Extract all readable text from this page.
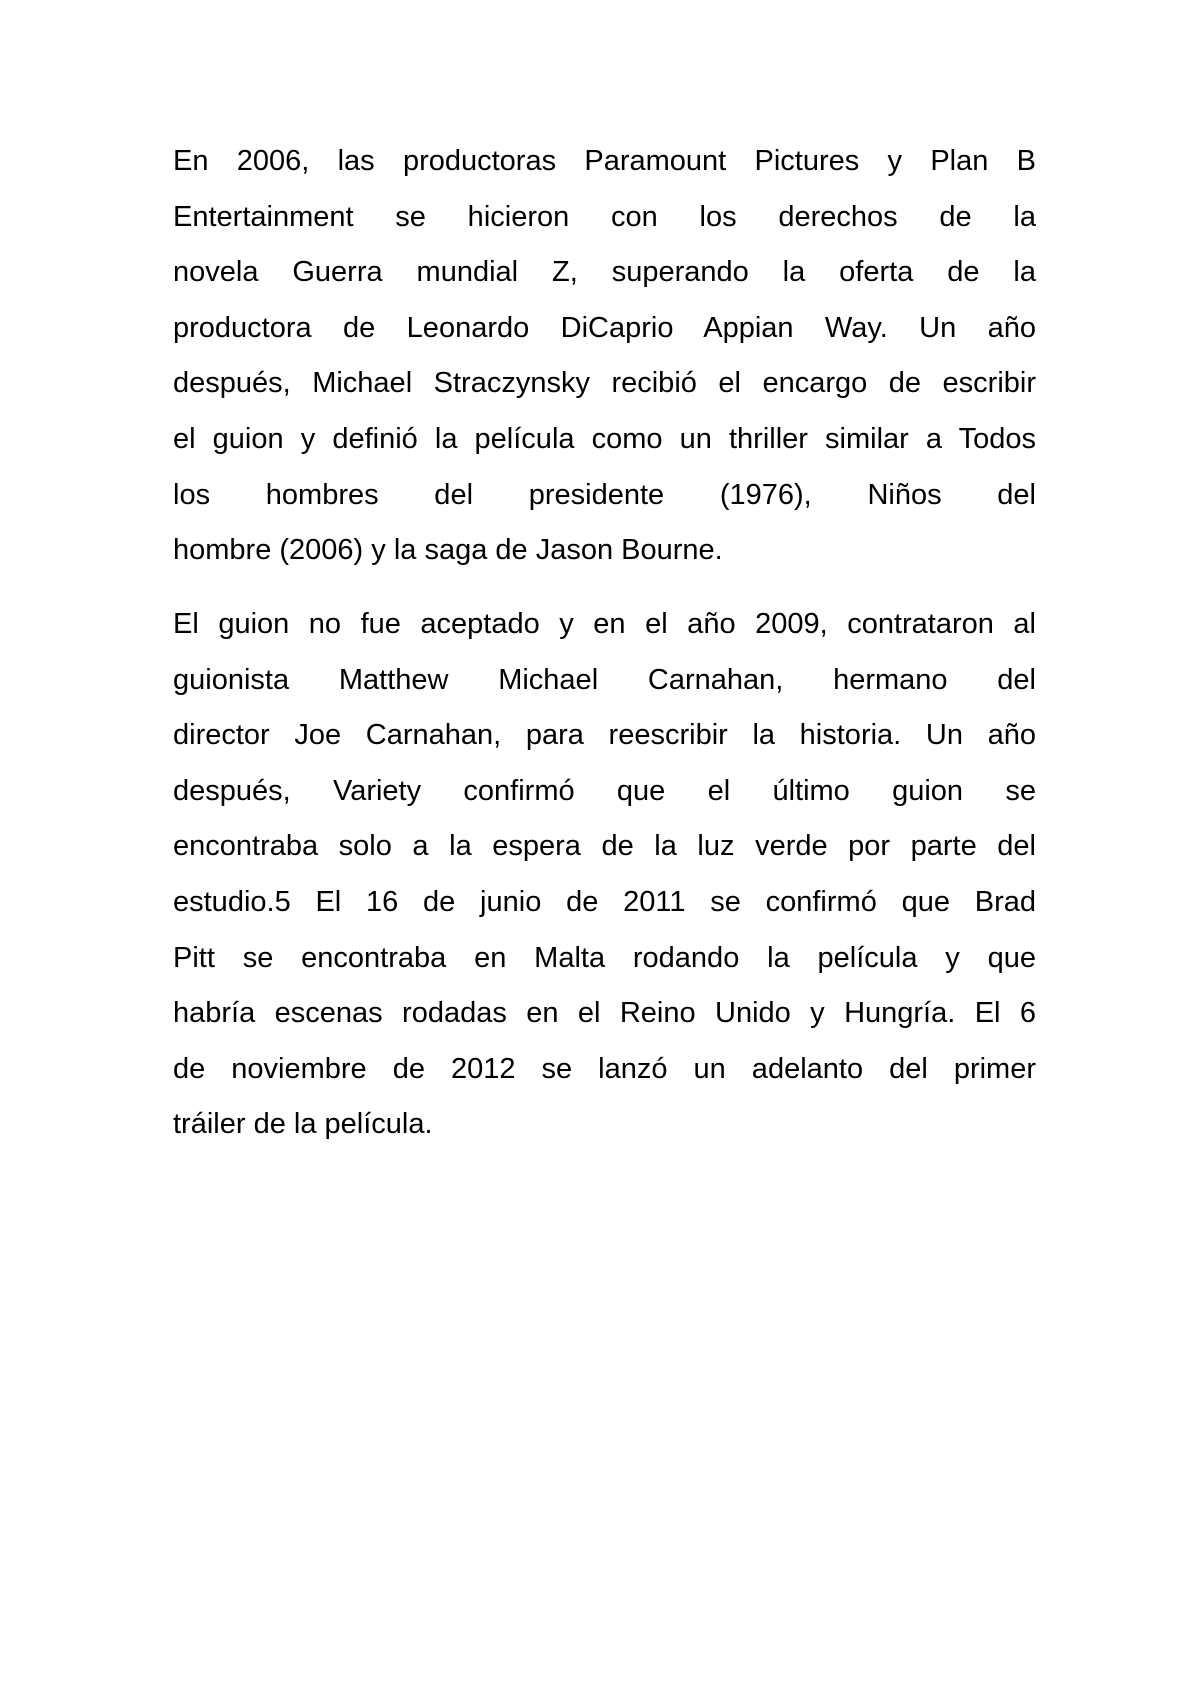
En 2006, las productoras Paramount Pictures y Plan B
Entertainment se hicieron con los derechos de la
novela Guerra mundial Z, superando la oferta de la
productora de Leonardo DiCaprio Appian Way. Un año
después, Michael Straczynsky recibió el encargo de escribir
el guion y definió la película como un thriller similar a Todos
los hombres del presidente (1976), Niños del
hombre (2006) y la saga de Jason Bourne.
El guion no fue aceptado y en el año 2009, contrataron al
guionista Matthew Michael Carnahan, hermano del
director Joe Carnahan, para reescribir la historia. Un año
después, Variety confirmó que el último guion se
encontraba solo a la espera de la luz verde por parte del
estudio.5 El 16 de junio de 2011 se confirmó que Brad
Pitt se encontraba en Malta rodando la película y que
habría escenas rodadas en el Reino Unido y Hungría. El 6
de noviembre de 2012 se lanzó un adelanto del primer
tráiler de la película.
